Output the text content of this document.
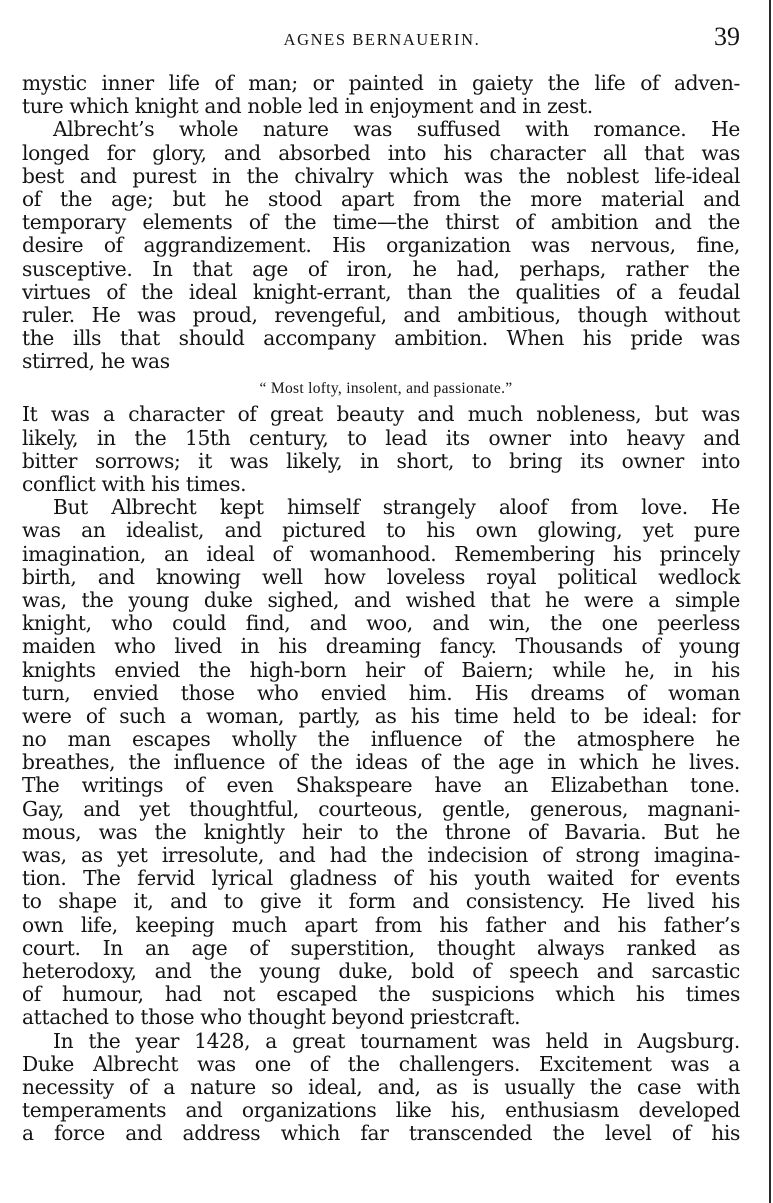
AGNES BERNAUERIN.	39
mystic inner life of man; or painted in gaiety the life of adven-
ture which knight and noble led in enjoyment and in zest.
Albrecht’s whole nature was suffused with romance. He
longed for glory, and absorbed into his character all that was
best and purest in the chivalry which was the noblest life-ideal
of the age; but he stood apart from the more material and
temporary elements of the time—the thirst of ambition and the
desire of aggrandizement. His organization was nervous, fine,
susceptive. In that age of iron, he had, perhaps, rather the
virtues of the ideal knight-errant, than the qualities of a feudal
ruler. He was proud, revengeful, and ambitious, though without
the ills that should accompany ambition. When his pride was
stirred, he was
“ Most lofty, insolent, and passionate.”
It was a character of great beauty and much nobleness, but was
likely, in the 15th century, to lead its owner into heavy and
bitter sorrows; it was likely, in short, to bring its owner into
conflict with his times.
But Albrecht kept himself strangely aloof from love. He
was an idealist, and pictured to his own glowing, yet pure
imagination, an ideal of womanhood. Remembering his princely
birth, and knowing well how loveless royal political wedlock
was, the young duke sighed, and wished that he were a simple
knight, who could find, and woo, and win, the one peerless
maiden who lived in his dreaming fancy. Thousands of young
knights envied the high-born heir of Baiern; while he, in his
turn, envied those who envied him. His dreams of woman
were of such a woman, partly, as his time held to be ideal: for
no man escapes wholly the influence of the atmosphere he
breathes, the influence of the ideas of the age in which he lives.
The writings of even Shakspeare have an Elizabethan tone.
Gay, and yet thoughtful, courteous, gentle, generous, magnani-
mous, was the knightly heir to the throne of Bavaria. But he
was, as yet irresolute, and had the indecision of strong imagina-
tion. The fervid lyrical gladness of his youth waited for events
to shape it, and to give it form and consistency. He lived his
own life, keeping much apart from his father and his father’s
court. In an age of superstition, thought always ranked as
heterodoxy, and the young duke, bold of speech and sarcastic
of humour, had not escaped the suspicions which his times
attached to those who thought beyond priestcraft.
In the year 1428, a great tournament was held in Augsburg.
Duke Albrecht was one of the challengers. Excitement was a
necessity of a nature so ideal, and, as is usually the case with
temperaments and organizations like his, enthusiasm developed
a force and address which far transcended the level of his
